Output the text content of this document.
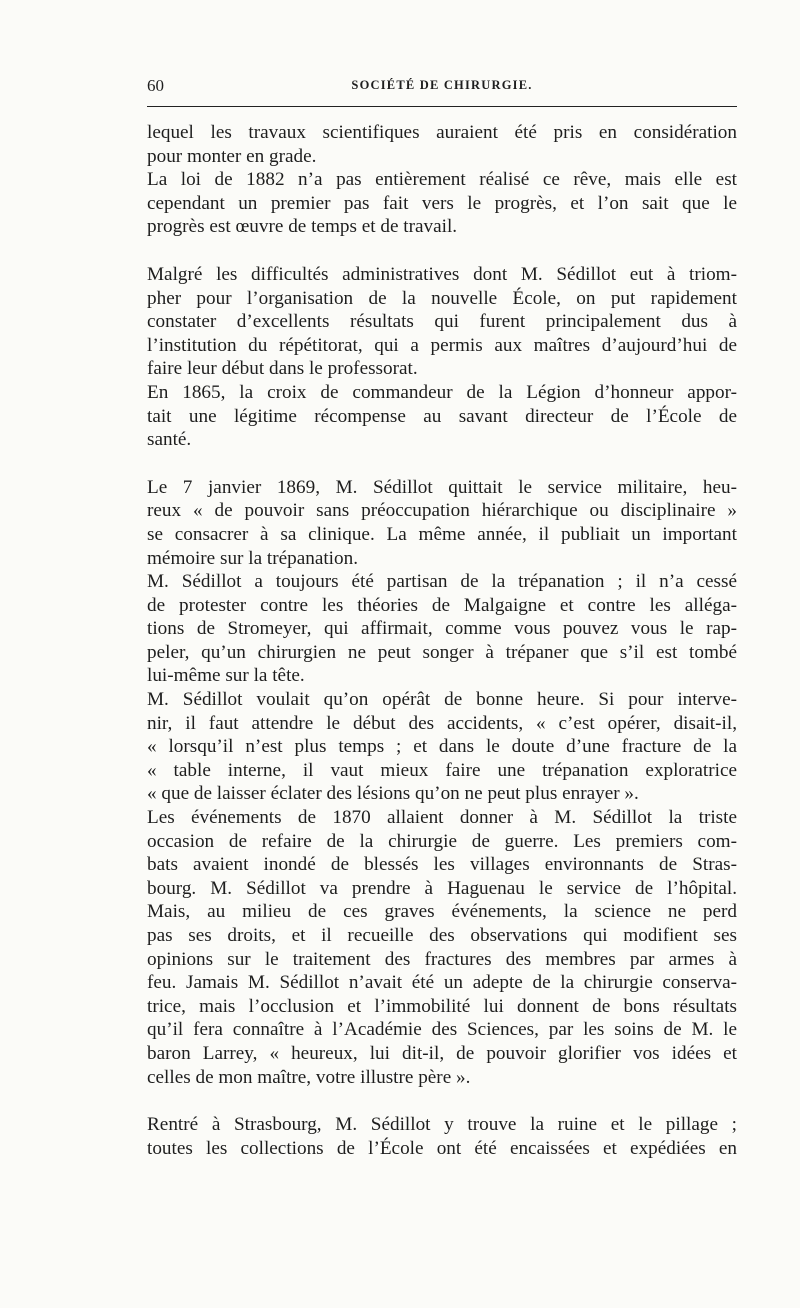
60	SOCIÉTÉ DE CHIRURGIE.

lequel les travaux scientifiques auraient été pris en considération
pour monter en grade.

La loi de 1882 n’a pas entièrement réalisé ce rêve, mais elle est
cependant un premier pas fait vers le progrès, et l’on sait que le
progrès est œuvre de temps et de travail.

Malgré les difficultés administratives dont M. Sédillot eut à triom-
pher pour l’organisation de la nouvelle École, on put rapidement
constater d’excellents résultats qui furent principalement dus à
l’institution du répétitorat, qui a permis aux maîtres d’aujourd’hui de
faire leur début dans le professorat.

En 1865, la croix de commandeur de la Légion d’honneur appor-
tait une légitime récompense au savant directeur de l’École de
santé.

Le 7 janvier 1869, M. Sédillot quittait le service militaire, heu-
reux « de pouvoir sans préoccupation hiérarchique ou disciplinaire »
se consacrer à sa clinique. La même année, il publiait un important
mémoire sur la trépanation.

M. Sédillot a toujours été partisan de la trépanation ; il n’a cessé
de protester contre les théories de Malgaigne et contre les alléga-
tions de Stromeyer, qui affirmait, comme vous pouvez vous le rap-
peler, qu’un chirurgien ne peut songer à trépaner que s’il est tombé
lui-même sur la tête.

M. Sédillot voulait qu’on opérât de bonne heure. Si pour interve-
nir, il faut attendre le début des accidents, « c’est opérer, disait-il,
« lorsqu’il n’est plus temps ; et dans le doute d’une fracture de la
« table interne, il vaut mieux faire une trépanation exploratrice
« que de laisser éclater des lésions qu’on ne peut plus enrayer ».

Les événements de 1870 allaient donner à M. Sédillot la triste
occasion de refaire de la chirurgie de guerre. Les premiers com-
bats avaient inondé de blessés les villages environnants de Stras-
bourg. M. Sédillot va prendre à Haguenau le service de l’hôpital.
Mais, au milieu de ces graves événements, la science ne perd
pas ses droits, et il recueille des observations qui modifient ses
opinions sur le traitement des fractures des membres par armes à
feu. Jamais M. Sédillot n’avait été un adepte de la chirurgie conserva-
trice, mais l’occlusion et l’immobilité lui donnent de bons résultats
qu’il fera connaître à l’Académie des Sciences, par les soins de M. le
baron Larrey, « heureux, lui dit-il, de pouvoir glorifier vos idées et
celles de mon maître, votre illustre père ».

Rentré à Strasbourg, M. Sédillot y trouve la ruine et le pillage ;
toutes les collections de l’École ont été encaissées et expédiées en
